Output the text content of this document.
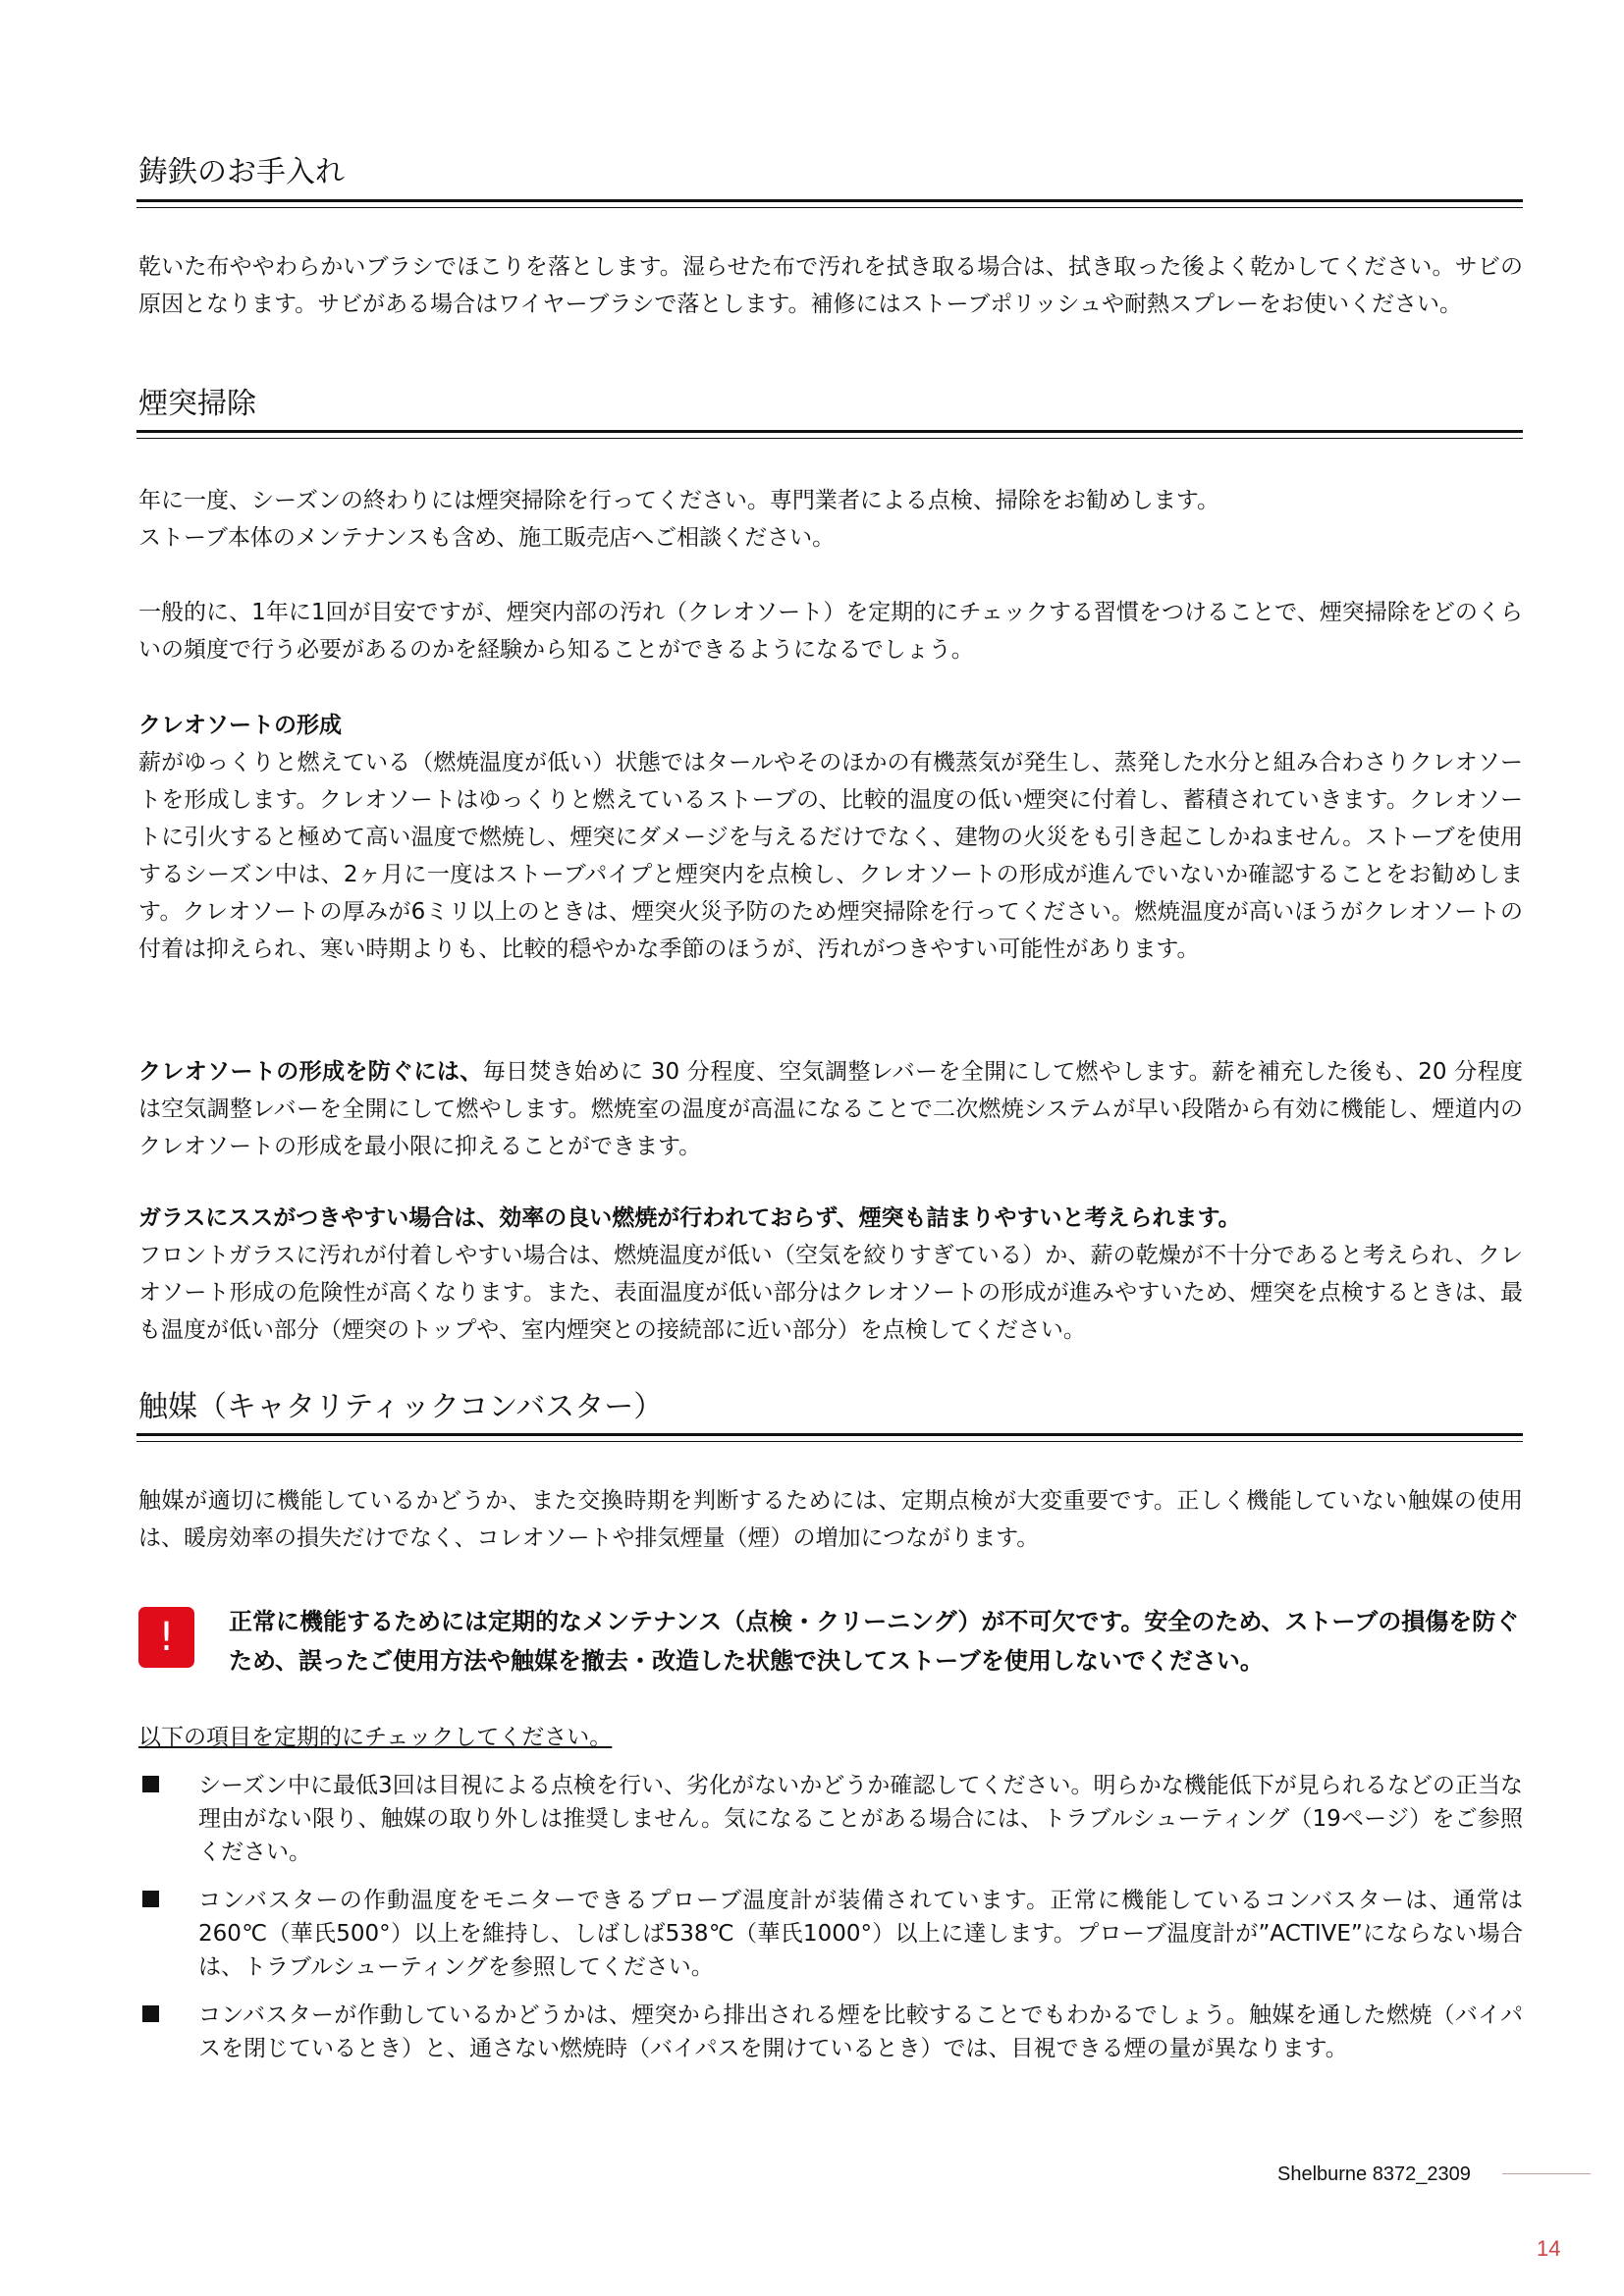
鋳鉄のお手入れ

乾いた布ややわらかいブラシでほこりを落とします。湿らせた布で汚れを拭き取る場合は、拭き取った後よく乾かしてください。サビの原因となります。サビがある場合はワイヤーブラシで落とします。補修にはストーブポリッシュや耐熱スプレーをお使いください。

煙突掃除

年に一度、シーズンの終わりには煙突掃除を行ってください。専門業者による点検、掃除をお勧めします。

ストーブ本体のメンテナンスも含め、施工販売店へご相談ください。

一般的に、1年に1回が目安ですが、煙突内部の汚れ（クレオソート）を定期的にチェックする習慣をつけることで、煙突掃除をどのくらいの頻度で行う必要があるのかを経験から知ることができるようになるでしょう。

クレオソートの形成

薪がゆっくりと燃えている（燃焼温度が低い）状態ではタールやそのほかの有機蒸気が発生し、蒸発した水分と組み合わさりクレオソートを形成します。クレオソートはゆっくりと燃えているストーブの、比較的温度の低い煙突に付着し、蓄積されていきます。クレオソートに引火すると極めて高い温度で燃焼し、煙突にダメージを与えるだけでなく、建物の火災をも引き起こしかねません。ストーブを使用するシーズン中は、2ヶ月に一度はストーブパイプと煙突内を点検し、クレオソートの形成が進んでいないか確認することをお勧めします。クレオソートの厚みが6ミリ以上のときは、煙突火災予防のため煙突掃除を行ってください。燃焼温度が高いほうがクレオソートの付着は抑えられ、寒い時期よりも、比較的穏やかな季節のほうが、汚れがつきやすい可能性があります。

クレオソートの形成を防ぐには、毎日焚き始めに 30 分程度、空気調整レバーを全開にして燃やします。薪を補充した後も、20 分程度は空気調整レバーを全開にして燃やします。燃焼室の温度が高温になることで二次燃焼システムが早い段階から有効に機能し、煙道内のクレオソートの形成を最小限に抑えることができます。

ガラスにススがつきやすい場合は、効率の良い燃焼が行われておらず、煙突も詰まりやすいと考えられます。

フロントガラスに汚れが付着しやすい場合は、燃焼温度が低い（空気を絞りすぎている）か、薪の乾燥が不十分であると考えられ、クレオソート形成の危険性が高くなります。また、表面温度が低い部分はクレオソートの形成が進みやすいため、煙突を点検するときは、最も温度が低い部分（煙突のトップや、室内煙突との接続部に近い部分）を点検してください。

触媒（キャタリティックコンバスター）

触媒が適切に機能しているかどうか、また交換時期を判断するためには、定期点検が大変重要です。正しく機能していない触媒の使用は、暖房効率の損失だけでなく、コレオソートや排気煙量（煙）の増加につながります。

!	正常に機能するためには定期的なメンテナンス（点検・クリーニング）が不可欠です。安全のため、ストーブの損傷を防ぐため、誤ったご使用方法や触媒を撤去・改造した状態で決してストーブを使用しないでください。

以下の項目を定期的にチェックしてください。

シーズン中に最低3回は目視による点検を行い、劣化がないかどうか確認してください。明らかな機能低下が見られるなどの正当な理由がない限り、触媒の取り外しは推奨しません。気になることがある場合には、トラブルシューティング（19ページ）をご参照ください。

コンバスターの作動温度をモニターできるプローブ温度計が装備されています。正常に機能しているコンバスターは、通常は260℃（華氏500°）以上を維持し、しばしば538℃（華氏1000°）以上に達します。プローブ温度計が”ACTIVE”にならない場合は、トラブルシューティングを参照してください。

コンバスターが作動しているかどうかは、煙突から排出される煙を比較することでもわかるでしょう。触媒を通した燃焼（バイパスを閉じているとき）と、通さない燃焼時（バイパスを開けているとき）では、目視できる煙の量が異なります。

Shelburne 8372_2309
14
